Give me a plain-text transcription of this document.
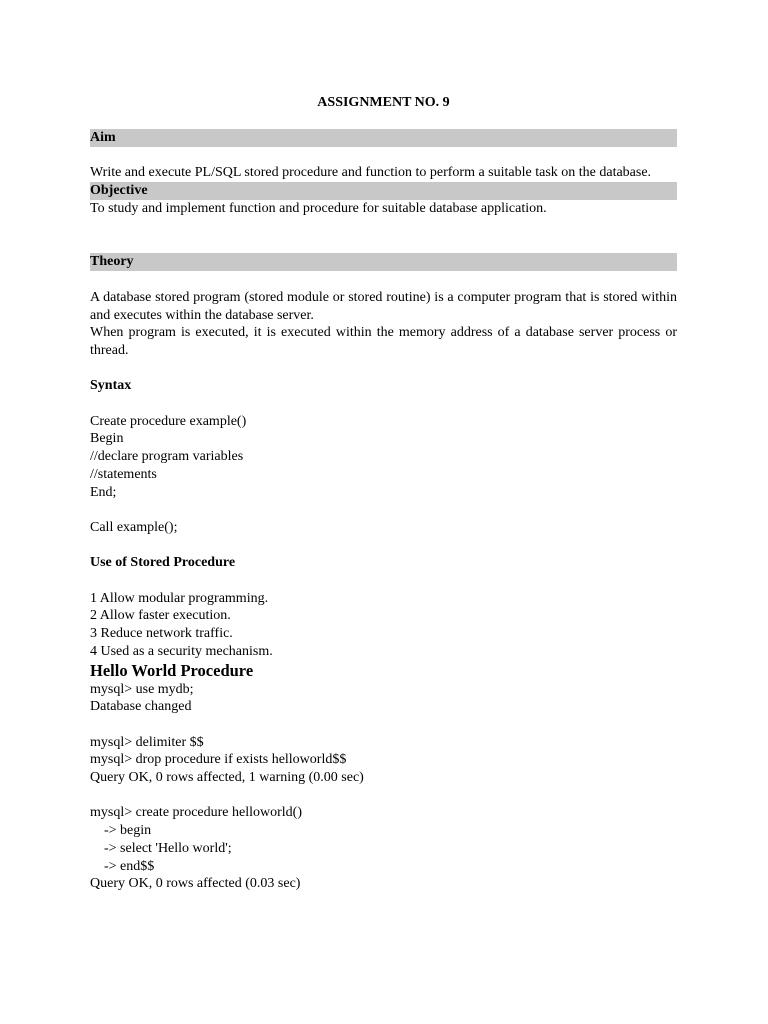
ASSIGNMENT NO. 9

Aim

Write and execute PL/SQL stored procedure and function to perform a suitable task on the database.

Objective

To study and implement function and procedure for suitable database application.

Theory

A database stored program (stored module or stored routine) is a computer program that is stored within and executes within the database server.

When program is executed, it is executed within the memory address of a database server process or thread.

Syntax

Create procedure example()

Begin

//declare program variables

//statements

End;

Call example();

Use of Stored Procedure

1 Allow modular programming.

2 Allow faster execution.

3 Reduce network traffic.

4 Used as a security mechanism.

Hello World Procedure

mysql> use mydb;

Database changed

mysql> delimiter $$

mysql> drop procedure if exists helloworld$$

Query OK, 0 rows affected, 1 warning (0.00 sec)

mysql> create procedure helloworld()

-> begin

-> select 'Hello world';

-> end$$

Query OK, 0 rows affected (0.03 sec)
